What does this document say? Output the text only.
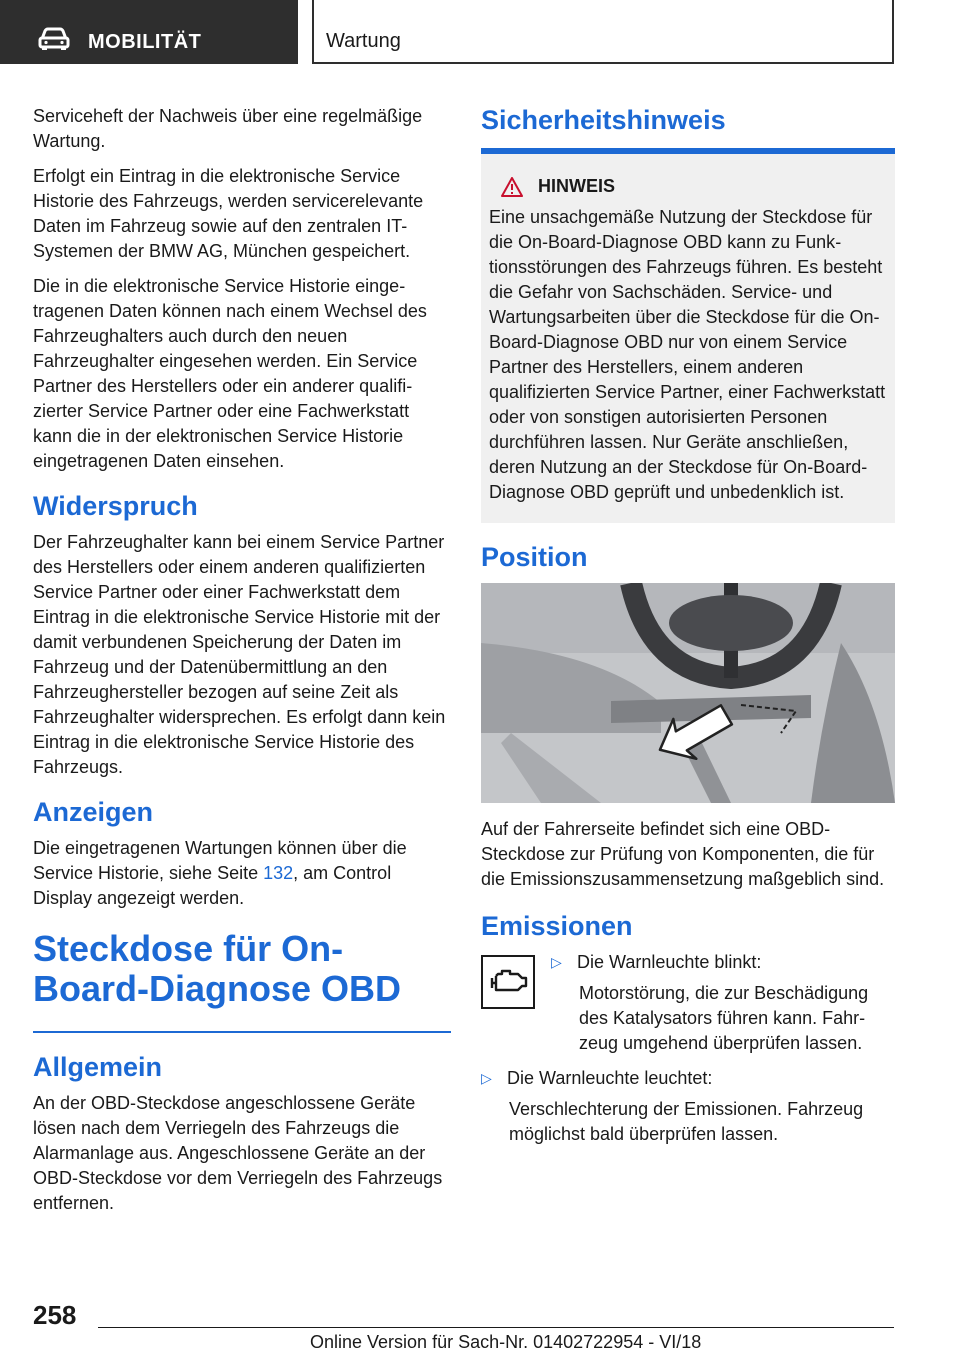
MOBILITÄT	Wartung

Serviceheft der Nachweis über eine regelmäßige Wartung.

Erfolgt ein Eintrag in die elektronische Service Historie des Fahrzeugs, werden servicerelevante Daten im Fahrzeug sowie auf den zentralen IT-Systemen der BMW AG, München gespeichert.

Die in die elektronische Service Historie eingetragenen Daten können nach einem Wechsel des Fahrzeughalters auch durch den neuen Fahrzeughalter eingesehen werden. Ein Service Partner des Herstellers oder ein anderer qualifizierter Service Partner oder eine Fachwerkstatt kann die in der elektronischen Service Historie eingetragenen Daten einsehen.

Widerspruch

Der Fahrzeughalter kann bei einem Service Partner des Herstellers oder einem anderen qualifizierten Service Partner oder einer Fachwerkstatt dem Eintrag in die elektronische Service Historie mit der damit verbundenen Speicherung der Daten im Fahrzeug und der Datenübermittlung an den Fahrzeughersteller bezogen auf seine Zeit als Fahrzeughalter widersprechen. Es erfolgt dann kein Eintrag in die elektronische Service Historie des Fahrzeugs.

Anzeigen

Die eingetragenen Wartungen können über die Service Historie, siehe Seite 132, am Control Display angezeigt werden.

Steckdose für On-Board-Diagnose OBD
Allgemein

An der OBD-Steckdose angeschlossene Geräte lösen nach dem Verriegeln des Fahrzeugs die Alarmanlage aus. Angeschlossene Geräte an der OBD-Steckdose vor dem Verriegeln des Fahrzeugs entfernen.

Sicherheitshinweis
HINWEIS

Eine unsachgemäße Nutzung der Steckdose für die On-Board-Diagnose OBD kann zu Funktionsstörungen des Fahrzeugs führen. Es besteht die Gefahr von Sachschäden. Service- und Wartungsarbeiten über die Steckdose für die On-Board-Diagnose OBD nur von einem Service Partner des Herstellers, einem anderen qualifizierten Service Partner, einer Fachwerkstatt oder von sonstigen autorisierten Personen durchführen lassen. Nur Geräte anschließen, deren Nutzung an der Steckdose für On-Board-Diagnose OBD geprüft und unbedenklich ist.

Position

Auf der Fahrerseite befindet sich eine OBD-Steckdose zur Prüfung von Komponenten, die für die Emissionszusammensetzung maßgeblich sind.

Emissionen
▷ Die Warnleuchte blinkt:

Motorstörung, die zur Beschädigung des Katalysators führen kann. Fahrzeug umgehend überprüfen lassen.

▷ Die Warnleuchte leuchtet:

Verschlechterung der Emissionen. Fahrzeug möglichst bald überprüfen lassen.

258
Online Version für Sach-Nr. 01402722954 - VI/18
